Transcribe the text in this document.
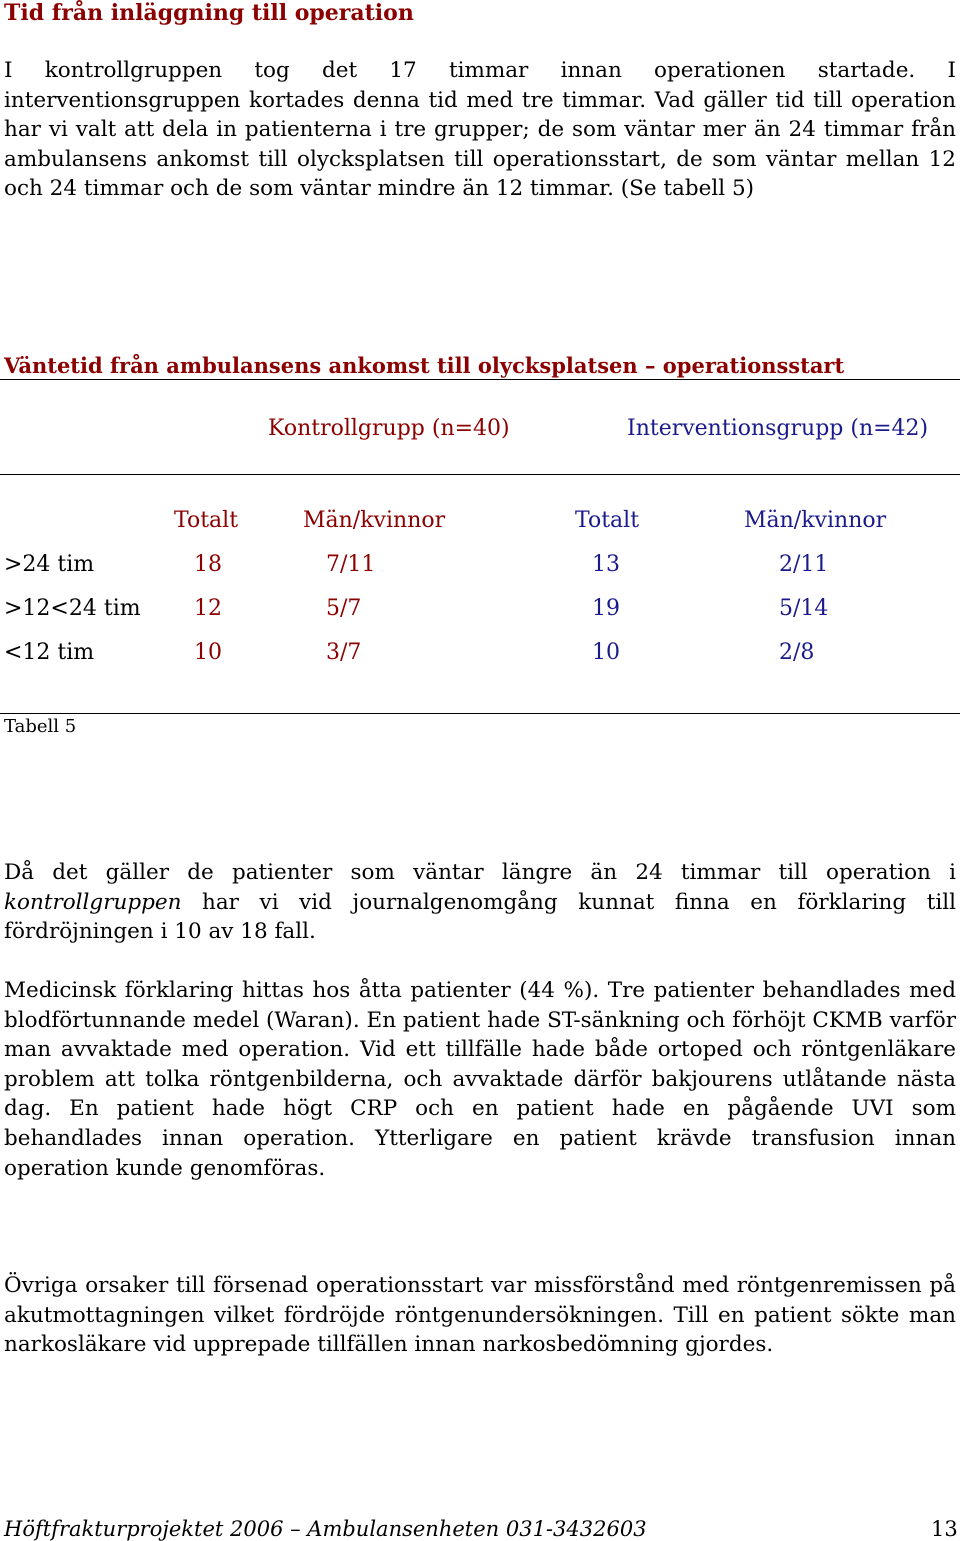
Tid från inläggning till operation
I kontrollgruppen tog det 17 timmar innan operationen startade. I interventionsgruppen kortades denna tid med tre timmar. Vad gäller tid till operation har vi valt att dela in patienterna i tre grupper; de som väntar mer än 24 timmar från ambulansens ankomst till olycksplatsen till operationsstart, de som väntar mellan 12 och 24 timmar och de som väntar mindre än 12 timmar. (Se tabell 5)
Väntetid från ambulansens ankomst till olycksplatsen – operationsstart
Kontrollgrupp (n=40)	Interventionsgrupp (n=42)
Totalt	Män/kvinnor	Totalt	Män/kvinnor
>24 tim	18	7/11	13	2/11
>12<24 tim 12	5/7	19	5/14
<12 tim	10	3/7	10	2/8
Tabell 5
Då det gäller de patienter som väntar längre än 24 timmar till operation i kontrollgruppen har vi vid journalgenomgång kunnat finna en förklaring till fördröjningen i 10 av 18 fall.
Medicinsk förklaring hittas hos åtta patienter (44 %). Tre patienter behandlades med blodförtunnande medel (Waran). En patient hade ST-sänkning och förhöjt CKMB varför man avvaktade med operation. Vid ett tillfälle hade både ortoped och röntgenläkare problem att tolka röntgenbilderna, och avvaktade därför bakjourens utlåtande nästa dag. En patient hade högt CRP och en patient hade en pågående UVI som behandlades innan operation. Ytterligare en patient krävde transfusion innan operation kunde genomföras.
Övriga orsaker till försenad operationsstart var missförstånd med röntgenremissen på akutmottagningen vilket fördröjde röntgenundersökningen. Till en patient sökte man narkosläkare vid upprepade tillfällen innan narkosbedömning gjordes.
Höftfrakturprojektet 2006 – Ambulansenheten 031-3432603	13
